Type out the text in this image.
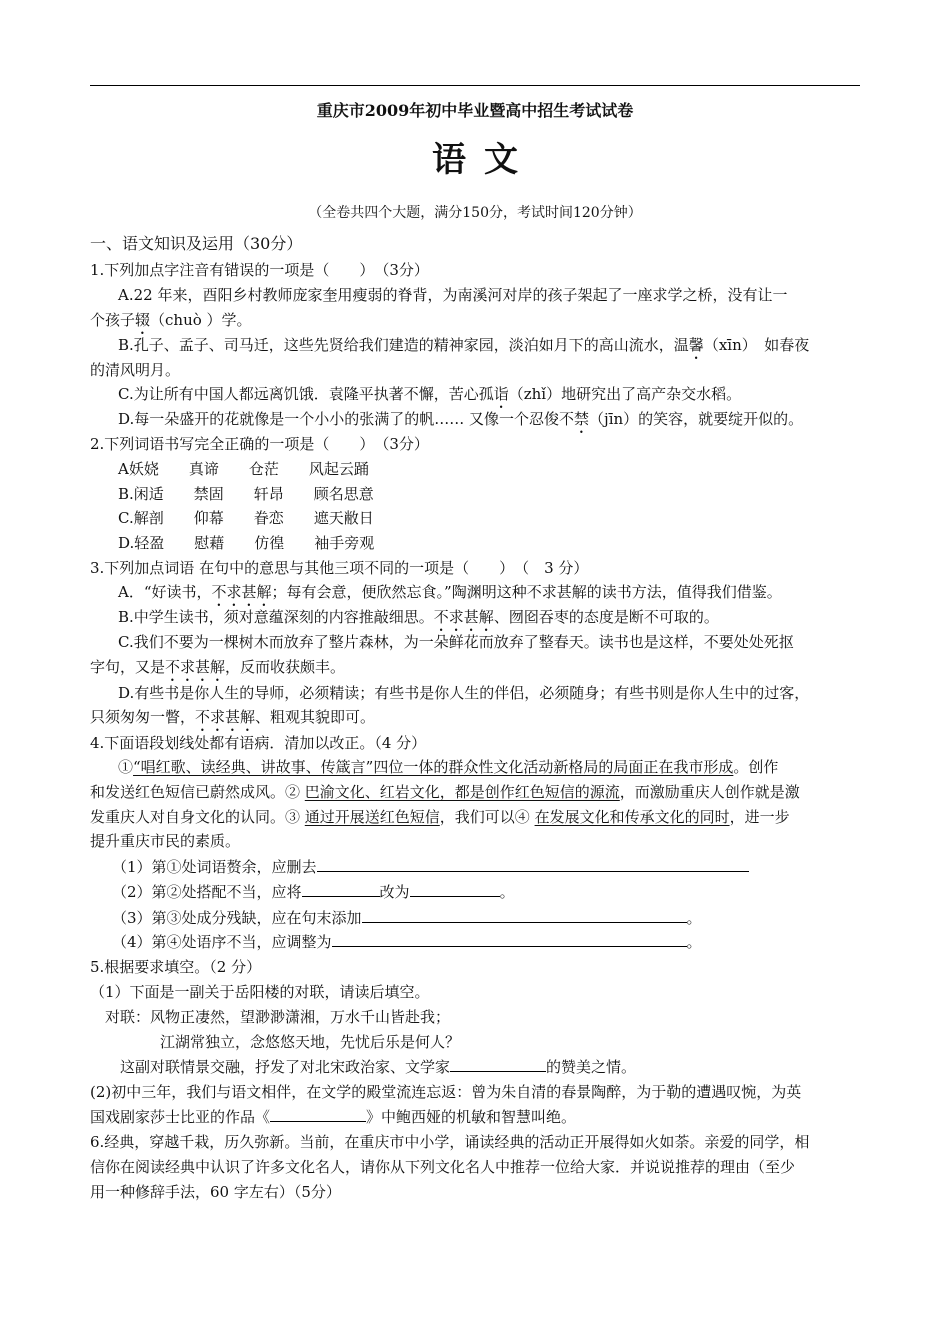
重庆市2009年初中毕业暨高中招生考试试卷
语文
（全卷共四个大题，满分150分，考试时间120分钟）
一、语文知识及运用（30分）
1.下列加点字注音有错误的一项是（　　）　（3分）
A.22 年来，酉阳乡村教师庞家奎用瘦弱的脊背，为南溪河对岸的孩子架起了一座求学之桥，没有让一
个孩子辍（chuò ）学。
B.孔子、孟子、司马迁，这些先贤给我们建造的精神家园，淡泊如月下的高山流水，温馨（xīn）　如春夜
的清风明月。
C.为让所有中国人都远离饥饿．袁隆平执著不懈，苦心孤诣（zhǐ）地研究出了高产杂交水稻。
D.每一朵盛开的花就像是一个小小的张满了的帆…… 又像一个忍俊不禁（jīn）的笑容，就要绽开似的。
2.下列词语书写完全正确的一项是（　　）　（3分）
A妖娆　　真谛　　仓茫　　风起云踊
B.闲适　　禁固　　轩昂　　顾名思意
C.解剖　　仰幕　　眷恋　　遮天敝日
D.轻盈　　慰藉　　仿徨　　袖手旁观
3.下列加点词语 在句中的意思与其他三项不同的一项是（　　）　（　3 分）
A．“好读书，不求甚解；每有会意，便欣然忘食。”陶渊明这种不求甚解的读书方法，值得我们借鉴。
B.中学生读书，须对意蕴深刻的内容推敲细思。不求甚解、囫囵吞枣的态度是断不可取的。
C.我们不要为一棵树木而放弃了整片森林，为一朵鲜花而放弃了整春天。读书也是这样，不要处处死抠
字句，又是不求甚解，反而收获颇丰。
D.有些书是你人生的导师，必须精读；有些书是你人生的伴侣，必须随身；有些书则是你人生中的过客，
只须匆匆一瞥，不求甚解、粗观其貌即可。
4.下面语段划线处都有语病．清加以改正。（4 分）
①“唱红歌、读经典、讲故事、传箴言”四位一体的群众性文化活动新格局的局面正在我市形成。创作
和发送红色短信已蔚然成风。② 巴渝文化、红岩文化，都是创作红色短信的源流，而激励重庆人创作就是激
发重庆人对自身文化的认同。③ 通过开展送红色短信，我们可以④ 在发展文化和传承文化的同时，进一步
提升重庆市民的素质。
（1）第①处词语赘余，应删去
（2）第②处搭配不当，应将	改为	。
（3）第③处成分残缺，应在句末添加	。
（4）第④处语序不当，应调整为	。
5.根据要求填空。（2 分）
（1）下面是一副关于岳阳楼的对联，请读后填空。
对联：风物正凄然，望渺渺潇湘，万水千山皆赴我；
江湖常独立，念悠悠天地，先忧后乐是何人？
这副对联情景交融，抒发了对北宋政治家、文学家	的赞美之情。
(2)初中三年，我们与语文相伴，在文学的殿堂流连忘返：曾为朱自清的春景陶醉，为于勒的遭遇叹惋，为英
国戏剧家莎士比亚的作品《	》中鲍西娅的机敏和智慧叫绝。
6.经典，穿越千栽，历久弥新。当前，在重庆市中小学，诵读经典的活动正开展得如火如荼。亲爱的同学，相
信你在阅读经典中认识了许多文化名人，请你从下列文化名人中推荐一位给大家．并说说推荐的理由（至少
用一种修辞手法，60 字左右）（5分）
